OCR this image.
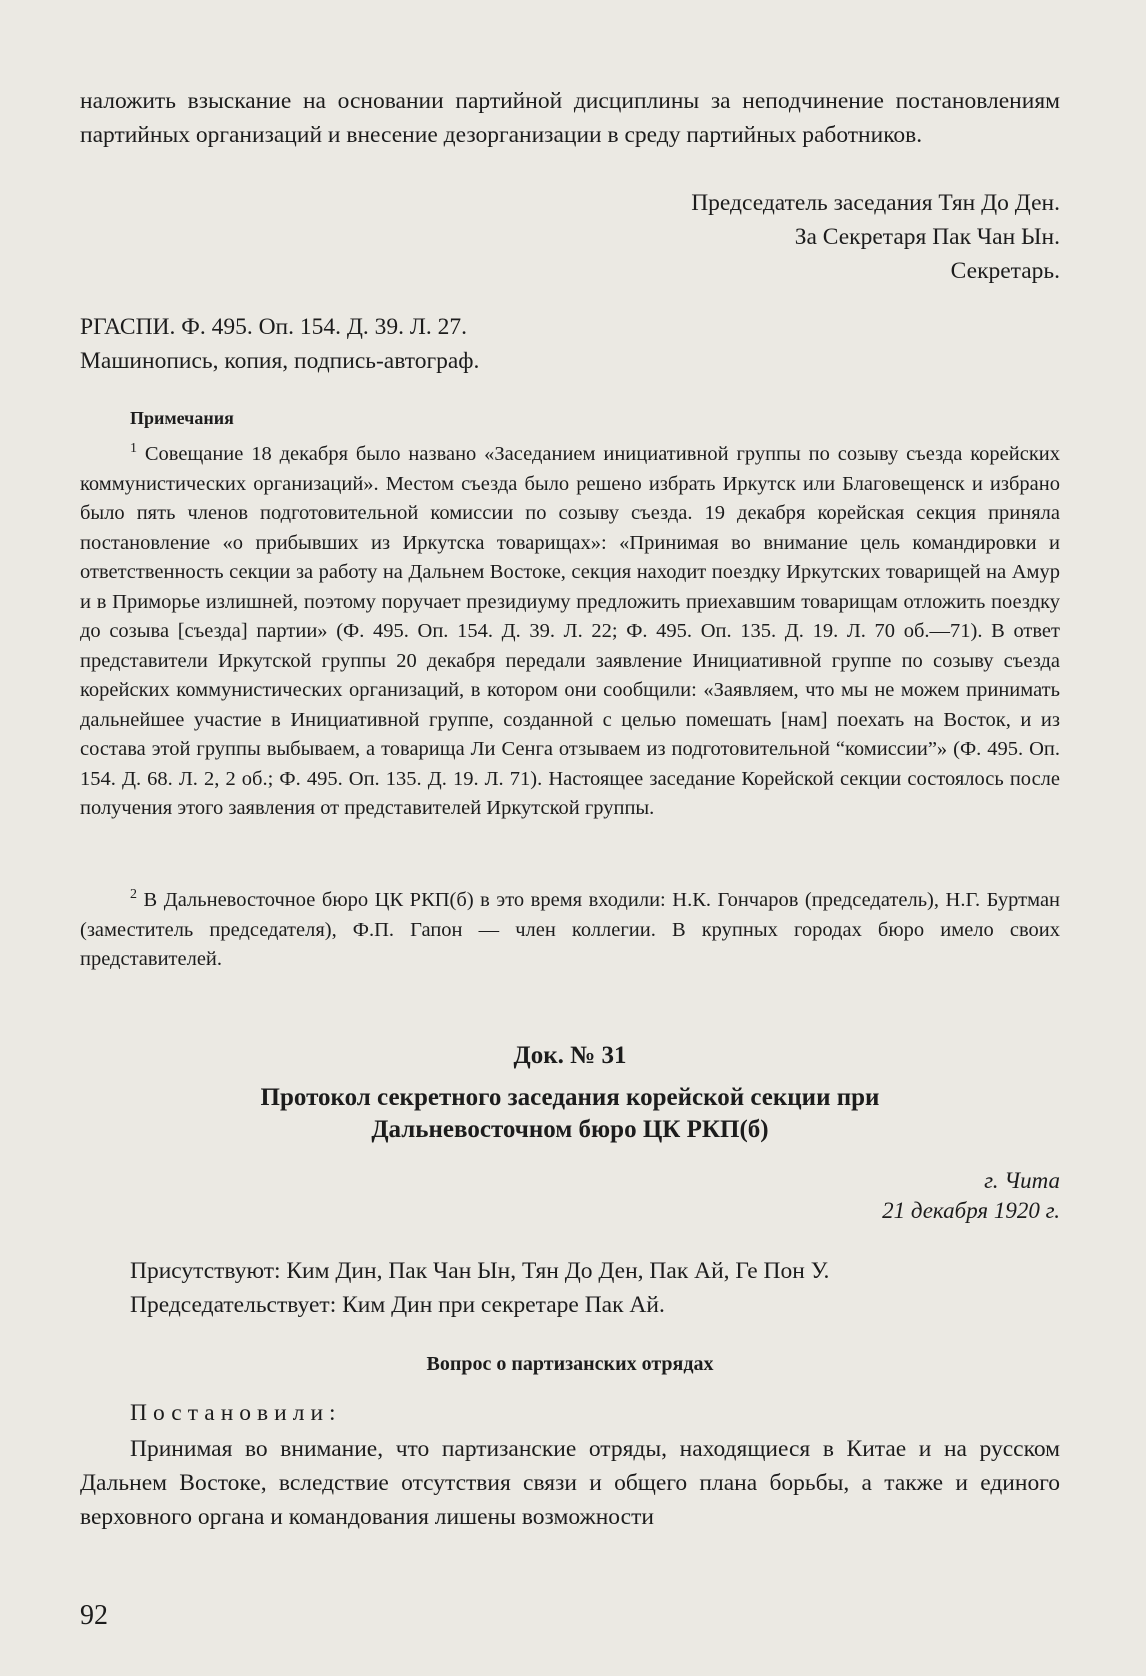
наложить взыскание на основании партийной дисциплины за неподчинение постановлениям партийных организаций и внесение дезорганизации в среду партийных работников.

Председатель заседания Тян До Ден.

За Секретаря Пак Чан Ын.

Секретарь.

РГАСПИ. Ф. 495. Оп. 154. Д. 39. Л. 27.

Машинопись, копия, подпись-автограф.

Примечания

$^1$ Совещание 18 декабря было названо «Заседанием инициативной группы по созыву съезда корейских коммунистических организаций». Местом съезда было решено избрать Иркутск или Благовещенск и избрано было пять членов подготовительной комиссии по созыву съезда. 19 декабря корейская секция приняла постановление «о прибывших из Иркутска товарищах»: «Принимая во внимание цель командировки и ответственность секции за работу на Дальнем Востоке, секция находит поездку Иркутских товарищей на Амур и в Приморье излишней, поэтому поручает президиуму предложить приехавшим товарищам отложить поездку до созыва [съезда] партии» (Ф. 495. Оп. 154. Д. 39. Л. 22; Ф. 495. Оп. 135. Д. 19. Л. 70 об.—71). В ответ представители Иркутской группы 20 декабря передали заявление Инициативной группе по созыву съезда корейских коммунистических организаций, в котором они сообщили: «Заявляем, что мы не можем принимать дальнейшее участие в Инициативной группе, созданной с целью помешать [нам] поехать на Восток, и из состава этой группы выбываем, а товарища Ли Сенга отзываем из подготовительной “комиссии”» (Ф. 495. Оп. 154. Д. 68. Л. 2, 2 об.; Ф. 495. Оп. 135. Д. 19. Л. 71). Настоящее заседание Корейской секции состоялось после получения этого заявления от представителей Иркутской группы.

$^2$ В Дальневосточное бюро ЦК РКП(б) в это время входили: Н.К. Гончаров (председатель), Н.Г. Буртман (заместитель председателя), Ф.П. Гапон — член коллегии. В крупных городах бюро имело своих представителей.

Док. № 31

Протокол секретного заседания корейской секции при

Дальневосточном бюро ЦК РКП(б)

г. Чита

21 декабря 1920 г.

Присутствуют: Ким Дин, Пак Чан Ын, Тян До Ден, Пак Ай, Ге Пон У.

Председательствует: Ким Дин при секретаре Пак Ай.

Вопрос о партизанских отрядах

Постановили:

Принимая во внимание, что партизанские отряды, находящиеся в Китае и на русском Дальнем Востоке, вследствие отсутствия связи и общего плана борьбы, а также и единого верховного органа и командования лишены возможности

92
